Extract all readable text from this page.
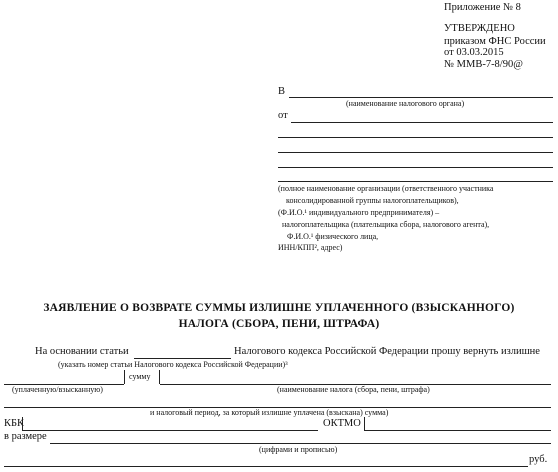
Приложение № 8
УТВЕРЖДЕНО
приказом ФНС России
от 03.03.2015
№ ММВ-7-8/90@
В
(наименование налогового органа)
от
(полное наименование организации (ответственного участника
консолидированной группы налогоплательщиков),
(Ф.И.О.¹ индивидуального предпринимателя) –
налогоплательщика (плательщика сбора, налогового агента),
Ф.И.О.¹ физического лица,
ИНН/КПП², адрес)
ЗАЯВЛЕНИЕ О ВОЗВРАТЕ СУММЫ ИЗЛИШНЕ УПЛАЧЕННОГО (ВЗЫСКАННОГО)
НАЛОГА (СБОРА, ПЕНИ, ШТРАФА)
На основании статьи	Налогового кодекса Российской Федерации прошу вернуть излишне
(указать номер статьи Налогового кодекса Российской Федерации)³
сумму
(уплаченную/взысканную)	(наименование налога (сбора, пени, штрафа)
и налоговый период, за который излишне уплачена (взыскана) сумма)
КБК	ОКТМО
в размере
(цифрами и прописью)
руб.
